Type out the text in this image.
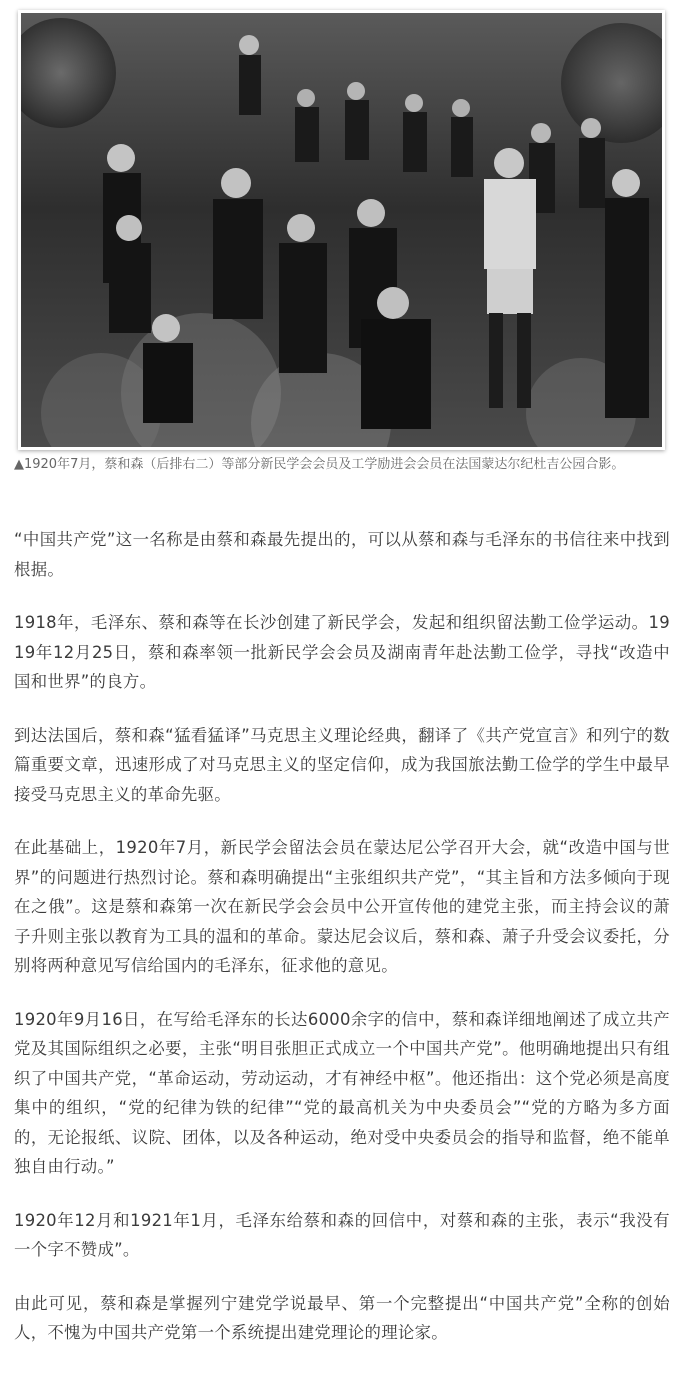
▲1920年7月，蔡和森（后排右二）等部分新民学会会员及工学励进会会员在法国蒙达尔纪杜吉公园合影。

“中国共产党”这一名称是由蔡和森最先提出的，可以从蔡和森与毛泽东的书信往来中找到根据。

1918年，毛泽东、蔡和森等在长沙创建了新民学会，发起和组织留法勤工俭学运动。1919年12月25日，蔡和森率领一批新民学会会员及湖南青年赴法勤工俭学，寻找“改造中国和世界”的良方。

到达法国后，蔡和森“猛看猛译”马克思主义理论经典，翻译了《共产党宣言》和列宁的数篇重要文章，迅速形成了对马克思主义的坚定信仰，成为我国旅法勤工俭学的学生中最早接受马克思主义的革命先驱。

在此基础上，1920年7月，新民学会留法会员在蒙达尼公学召开大会，就“改造中国与世界”的问题进行热烈讨论。蔡和森明确提出“主张组织共产党”，“其主旨和方法多倾向于现在之俄”。这是蔡和森第一次在新民学会会员中公开宣传他的建党主张，而主持会议的萧子升则主张以教育为工具的温和的革命。蒙达尼会议后，蔡和森、萧子升受会议委托，分别将两种意见写信给国内的毛泽东，征求他的意见。

1920年9月16日，在写给毛泽东的长达6000余字的信中，蔡和森详细地阐述了成立共产党及其国际组织之必要，主张“明目张胆正式成立一个中国共产党”。他明确地提出只有组织了中国共产党，“革命运动，劳动运动，才有神经中枢”。他还指出：这个党必须是高度集中的组织，“党的纪律为铁的纪律”“党的最高机关为中央委员会”“党的方略为多方面的，无论报纸、议院、团体，以及各种运动，绝对受中央委员会的指导和监督，绝不能单独自由行动。”

1920年12月和1921年1月，毛泽东给蔡和森的回信中，对蔡和森的主张，表示“我没有一个字不赞成”。

由此可见，蔡和森是掌握列宁建党学说最早、第一个完整提出“中国共产党”全称的创始人，不愧为中国共产党第一个系统提出建党理论的理论家。
